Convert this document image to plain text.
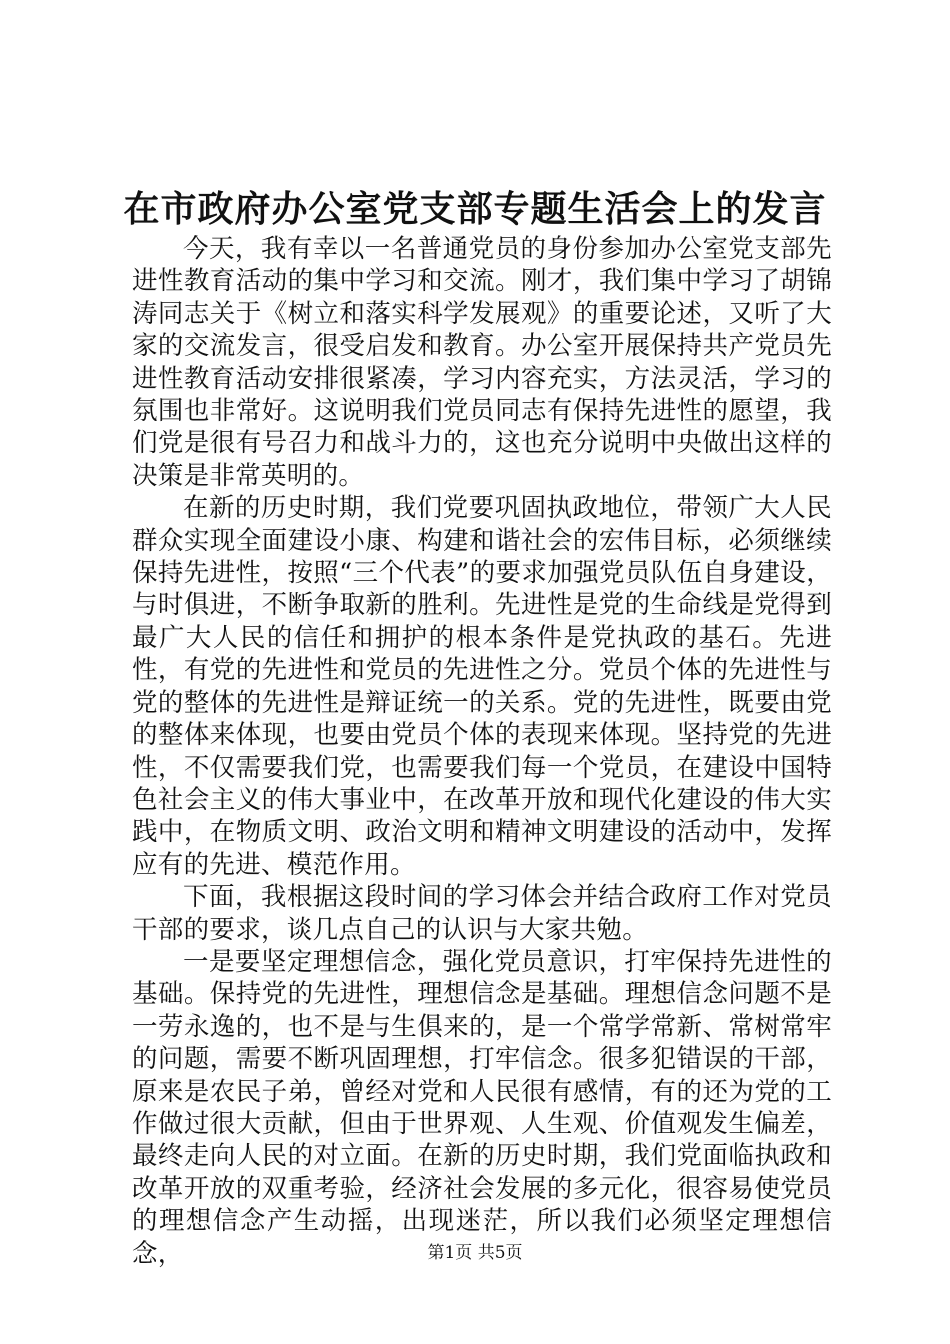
在市政府办公室党支部专题生活会上的发言

今天，我有幸以一名普通党员的身份参加办公室党支部先进性教育活动的集中学习和交流。刚才，我们集中学习了胡锦涛同志关于《树立和落实科学发展观》的重要论述，又听了大家的交流发言，很受启发和教育。办公室开展保持共产党员先进性教育活动安排很紧凑，学习内容充实，方法灵活，学习的氛围也非常好。这说明我们党员同志有保持先进性的愿望，我们党是很有号召力和战斗力的，这也充分说明中央做出这样的决策是非常英明的。

在新的历史时期，我们党要巩固执政地位，带领广大人民群众实现全面建设小康、构建和谐社会的宏伟目标，必须继续保持先进性，按照“三个代表”的要求加强党员队伍自身建设，与时俱进，不断争取新的胜利。先进性是党的生命线是党得到最广大人民的信任和拥护的根本条件是党执政的基石。先进性，有党的先进性和党员的先进性之分。党员个体的先进性与党的整体的先进性是辩证统一的关系。党的先进性，既要由党的整体来体现，也要由党员个体的表现来体现。坚持党的先进性，不仅需要我们党，也需要我们每一个党员，在建设中国特色社会主义的伟大事业中，在改革开放和现代化建设的伟大实践中，在物质文明、政治文明和精神文明建设的活动中，发挥应有的先进、模范作用。

下面，我根据这段时间的学习体会并结合政府工作对党员干部的要求，谈几点自己的认识与大家共勉。

一是要坚定理想信念，强化党员意识，打牢保持先进性的基础。保持党的先进性，理想信念是基础。理想信念问题不是一劳永逸的，也不是与生俱来的，是一个常学常新、常树常牢的问题，需要不断巩固理想，打牢信念。很多犯错误的干部，原来是农民子弟，曾经对党和人民很有感情，有的还为党的工作做过很大贡献，但由于世界观、人生观、价值观发生偏差，最终走向人民的对立面。在新的历史时期，我们党面临执政和改革开放的双重考验，经济社会发展的多元化，很容易使党员的理想信念产生动摇，出现迷茫，所以我们必须坚定理想信念，	第1页 共5页
